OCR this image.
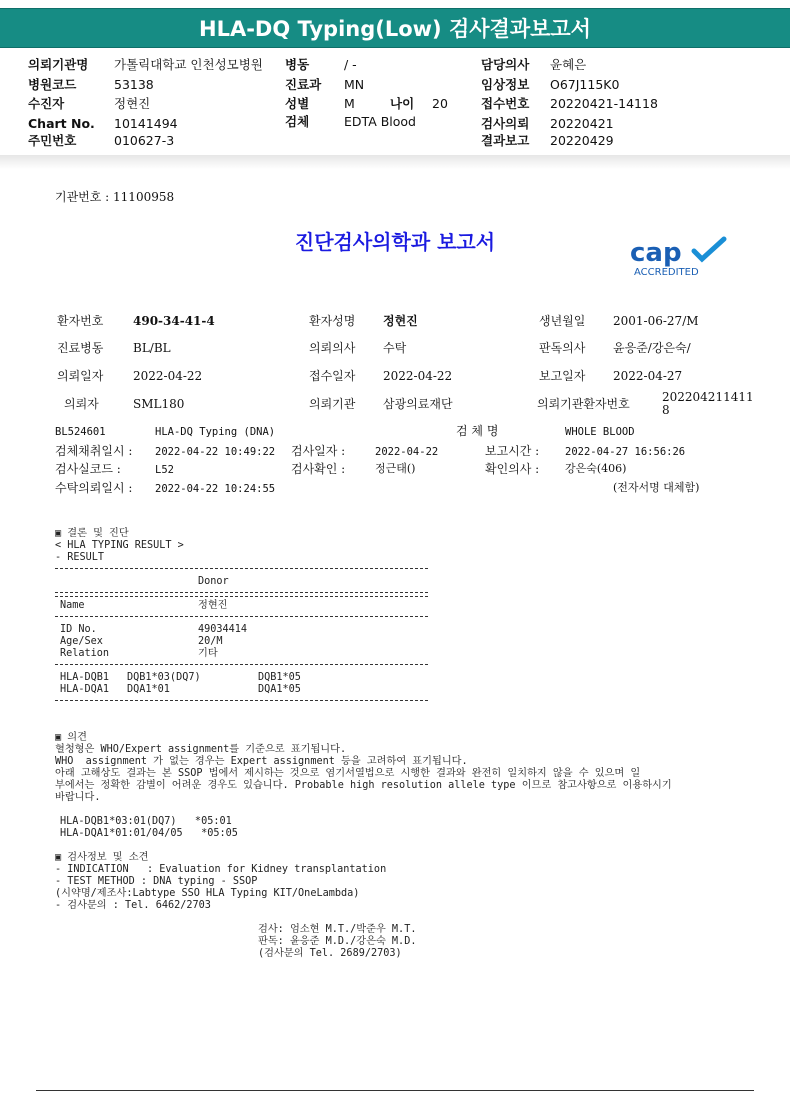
HLA-DQ Typing(Low) 검사결과보고서
의뢰기관명 가톨릭대학교 인천성모병원
병원코드	53138
수진자	정현진
Chart No. 10141494
주민번호	010627-3
병동	/ -
진료과 MN
성별	M	나이 20
검체	EDTA Blood
담당의사 윤혜은
임상정보 O67J115K0
접수번호 20220421-14118
검사의뢰 20220421
결과보고 20220429
기관번호 : 11100958
진단검사의학과 보고서	cap
ACCREDITED
환자번호 490-34-41-4	환자성명 정현진	생년월일 2001-06-27/M
진료병동 BL/BL	의뢰의사 수탁	판독의사 윤응준/강은숙/
의뢰일자 2022-04-22	접수일자 2022-04-22	보고일자 2022-04-27
의뢰자	SML180	의뢰기관 삼광의료재단	의뢰기관환자번호	202204211411
8
BL524601	HLA-DQ Typing (DNA)	검 체 명	WHOLE BLOOD
검체채취일시 : 2022-04-22 10:49:22 검사일자 :	2022-04-22	보고시간 : 2022-04-27 16:56:26
검사실코드 :	L52	검사확인 :	정근태()	확인의사 : 강은숙(406)
수탁의뢰일시 : 2022-04-22 10:24:55	(전자서명 대체함)
▣ 결론 및 진단
< HLA TYPING RESULT >
- RESULT
Donor
Name	정현진
ID No.	49034414
Age/Sex	20/M
Relation	기타
HLA-DQB1 DQB1*03(DQ7)	DQB1*05
HLA-DQA1 DQA1*01	DQA1*05
▣ 의견
혈청형은 WHO/Expert assignment를 기준으로 표기됩니다.
WHO  assignment 가 없는 경우는 Expert assignment 등을 고려하여 표기됩니다.
아래 고해상도 결과는 본 SSOP 법에서 제시하는 것으로 염기서열법으로 시행한 결과와 완전히 일치하지 않을 수 있으며 일
부에서는 정확한 감별이 어려운 경우도 있습니다. Probable high resolution allele type 이므로 참고사항으로 이용하시기
바랍니다.
HLA-DQB1*03:01(DQ7)   *05:01
HLA-DQA1*01:01/04/05   *05:05
▣ 검사정보 및 소견
- INDICATION   : Evaluation for Kidney transplantation
- TEST METHOD : DNA typing - SSOP
(시약명/제조사:Labtype SSO HLA Typing KIT/OneLambda)
- 검사문의 : Tel. 6462/2703
검사: 엄소현 M.T./박준우 M.T.
판독: 윤응준 M.D./강은숙 M.D.
(검사문의 Tel. 2689/2703)
